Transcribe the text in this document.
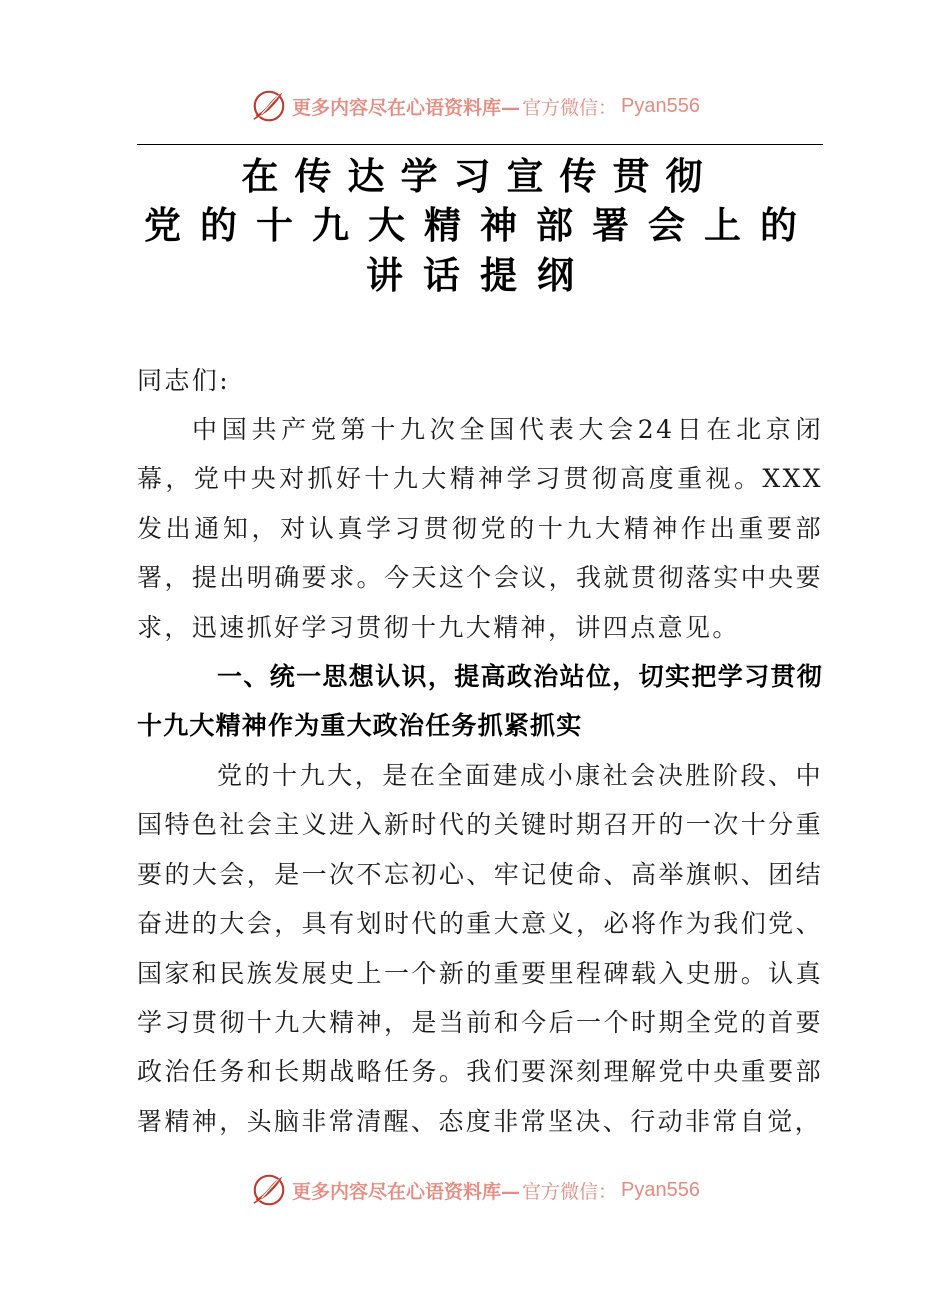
更多内容尽在心语资料库— 官方微信： Pyan556
在传达学习宣传贯彻
党的十九大精神部署会上的
讲话提纲
同志们:
中国共产党第十九次全国代表大会24日在北京闭幕，党中央对抓好十九大精神学习贯彻高度重视。XXX 发出通知，对认真学习贯彻党的十九大精神作出重要部署，提出明确要求。今天这个会议，我就贯彻落实中央要求，迅速抓好学习贯彻十九大精神，讲四点意见。
一、统一思想认识，提高政治站位，切实把学习贯彻十九大精神作为重大政治任务抓紧抓实
党的十九大，是在全面建成小康社会决胜阶段、中国特色社会主义进入新时代的关键时期召开的一次十分重要的大会，是一次不忘初心、牢记使命、高举旗帜、团结奋进的大会，具有划时代的重大意义，必将作为我们党、国家和民族发展史上一个新的重要里程碑载入史册。认真学习贯彻十九大精神，是当前和今后一个时期全党的首要政治任务和长期战略任务。我们要深刻理解党中央重要部署精神，头脑非常清醒、态度非常坚决、行动非常自觉，
更多内容尽在心语资料库— 官方微信： Pyan556
